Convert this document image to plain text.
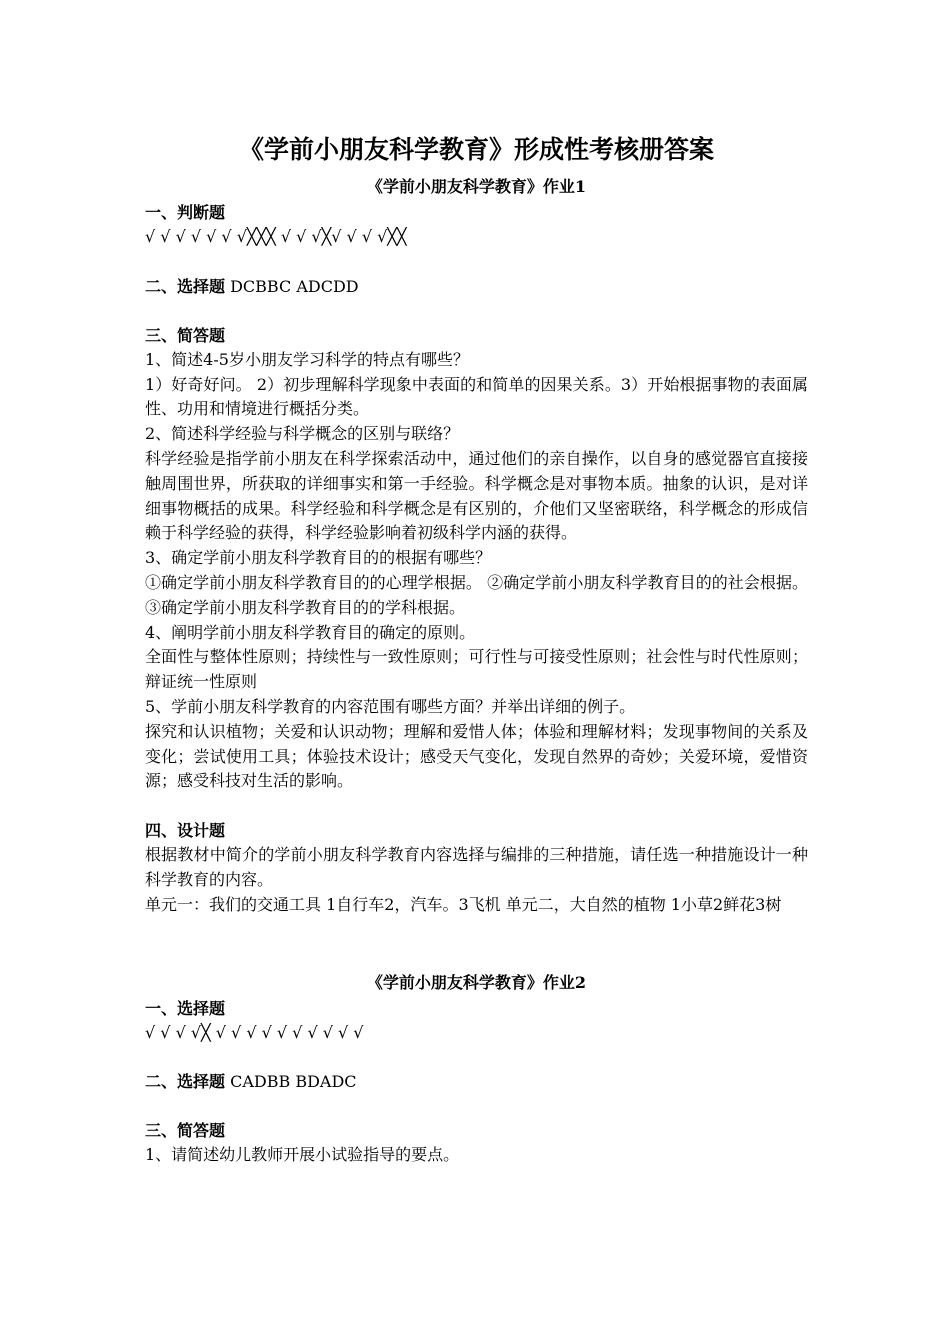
《学前小朋友科学教育》形成性考核册答案

《学前小朋友科学教育》作业1

一、判断题

√ √ √ √ √ √ √╳╳╳ √ √ √╳√ √ √ √╳╳

二、选择题 DCBBC ADCDD

三、简答题

1、简述4-5岁小朋友学习科学的特点有哪些？

1）好奇好问。 2）初步理解科学现象中表面的和简单的因果关系。3）开始根据事物的表面属性、功用和情境进行概括分类。

2、简述科学经验与科学概念的区别与联络？

科学经验是指学前小朋友在科学探索活动中，通过他们的亲自操作，以自身的感觉器官直接接触周围世界，所获取的详细事实和第一手经验。科学概念是对事物本质。抽象的认识，是对详细事物概括的成果。科学经验和科学概念是有区别的，介他们又坚密联络，科学概念的形成信赖于科学经验的获得，科学经验影响着初级科学内涵的获得。

3、确定学前小朋友科学教育目的的根据有哪些？

①确定学前小朋友科学教育目的的心理学根据。 ②确定学前小朋友科学教育目的的社会根据。 ③确定学前小朋友科学教育目的的学科根据。

4、阐明学前小朋友科学教育目的确定的原则。

全面性与整体性原则；持续性与一致性原则；可行性与可接受性原则；社会性与时代性原则；辩证统一性原则

5、学前小朋友科学教育的内容范围有哪些方面？并举出详细的例子。

探究和认识植物；关爱和认识动物；理解和爱惜人体；体验和理解材料；发现事物间的关系及变化；尝试使用工具；体验技术设计；感受天气变化，发现自然界的奇妙；关爱环境，爱惜资源；感受科技对生活的影响。

四、设计题

根据教材中简介的学前小朋友科学教育内容选择与编排的三种措施，请任选一种措施设计一种科学教育的内容。

单元一：我们的交通工具 1自行车2，汽车。3飞机 单元二，大自然的植物 1小草2鲜花3树

《学前小朋友科学教育》作业2

一、选择题

√ √ √ √╳ √ √ √ √ √ √ √ √ √ √

二、选择题 CADBB BDADC

三、简答题

1、请简述幼儿教师开展小试验指导的要点。
